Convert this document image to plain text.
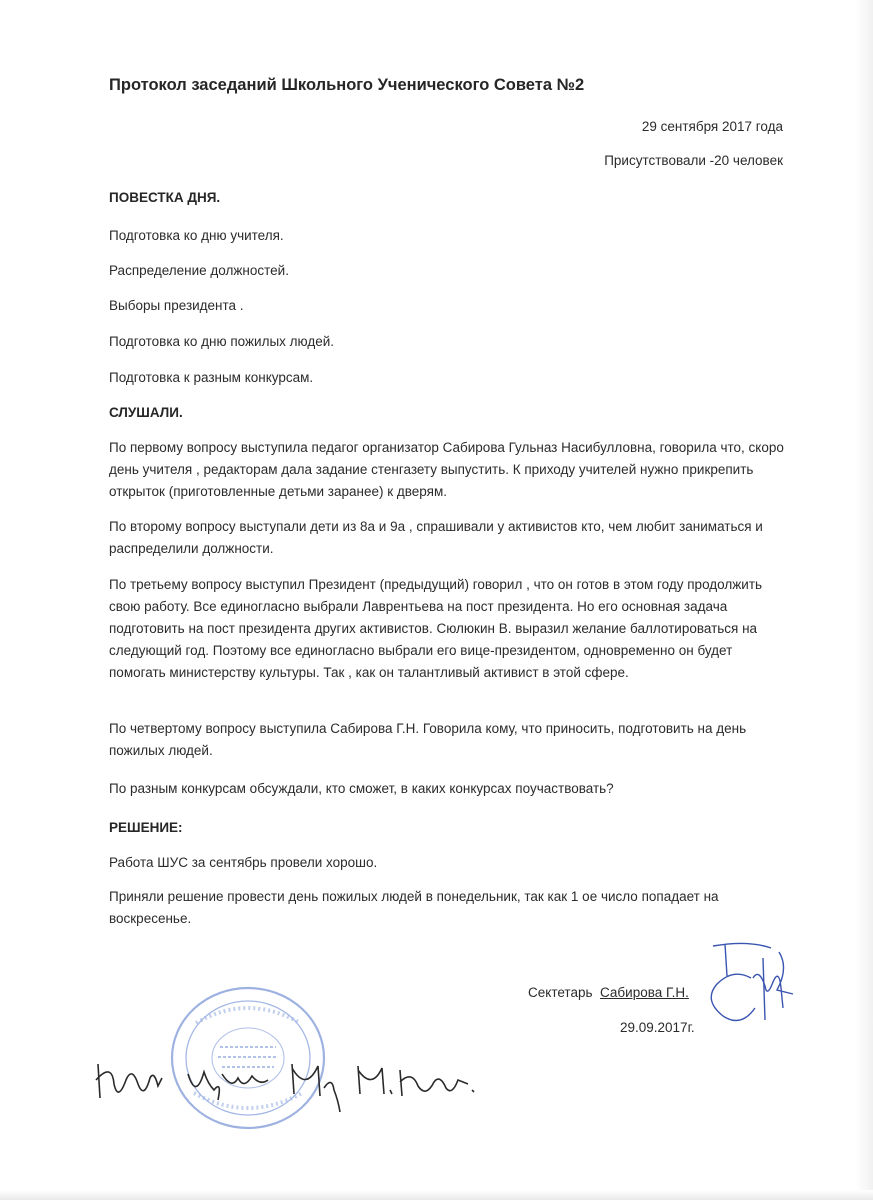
Протокол заседаний Школьного Ученического Совета №2
29 сентября 2017 года
Присутствовали -20 человек
ПОВЕСТКА ДНЯ.
Подготовка ко дню учителя.
Распределение должностей.
Выборы президента .
Подготовка ко дню пожилых людей.
Подготовка к разным конкурсам.
СЛУШАЛИ.
По первому вопросу выступила педагог организатор Сабирова Гульназ Насибулловна, говорила что, скоро день учителя , редакторам дала задание стенгазету выпустить. К приходу учителей нужно прикрепить открыток (приготовленные детьми заранее) к дверям.
По второму вопросу выступали дети из 8а и 9а , спрашивали у активистов кто, чем любит заниматься и распределили должности.
По третьему вопросу выступил Президент (предыдущий) говорил , что он готов в этом году продолжить свою работу. Все единогласно выбрали Лаврентьева на пост президента. Но его основная задача подготовить на пост президента других активистов. Сюлюкин В. выразил желание баллотироваться на следующий год. Поэтому все единогласно выбрали его вице-президентом, одновременно он будет помогать министерству культуры. Так , как он талантливый активист в этой сфере.
По четвертому вопросу выступила Сабирова Г.Н. Говорила кому, что приносить, подготовить на день пожилых людей.
По разным конкурсам обсуждали, кто сможет, в каких конкурсах поучаствовать?
РЕШЕНИЕ:
Работа ШУС за сентябрь провели хорошо.
Приняли решение провести день пожилых людей в понедельник, так как 1 ое число попадает на воскресенье.
Сектетарь Сабирова Г.Н.
29.09.2017г.
